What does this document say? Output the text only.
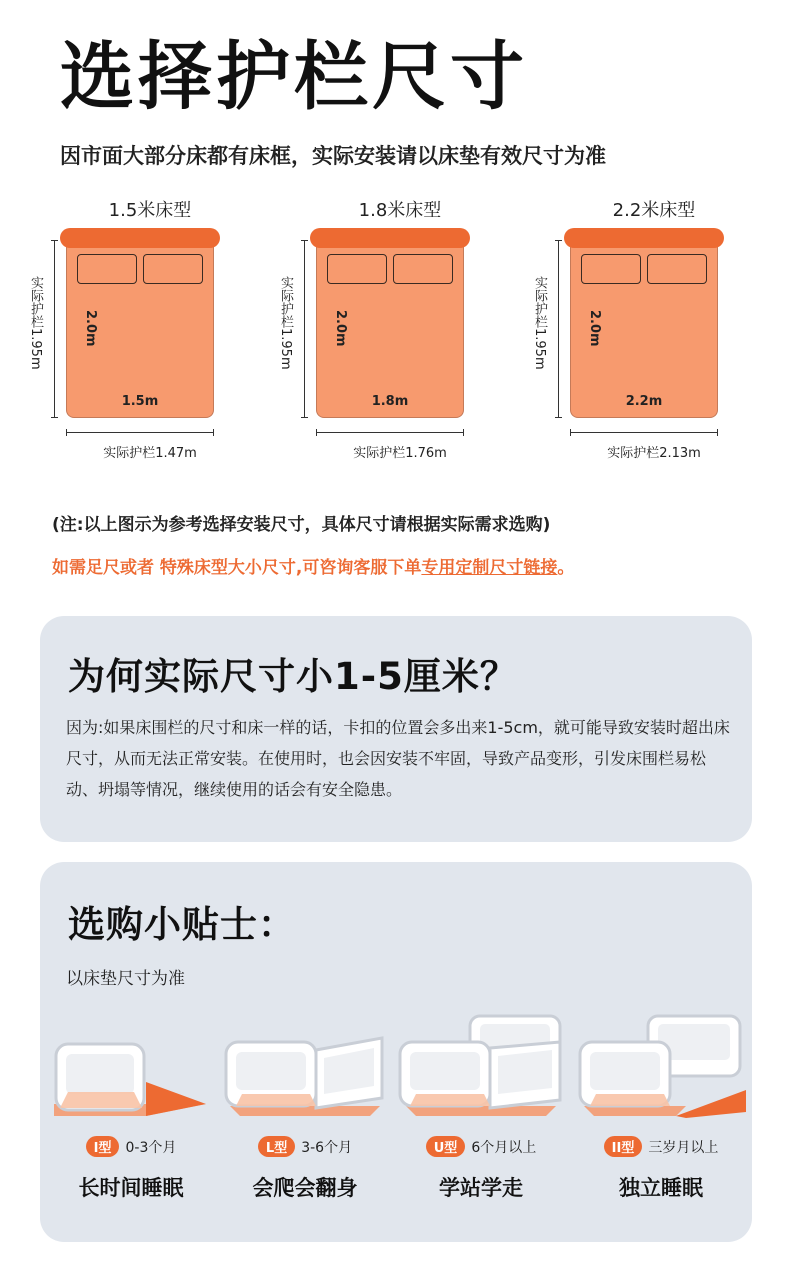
选择护栏尺寸
因市面大部分床都有床框，实际安装请以床垫有效尺寸为准
1.5米床型
2.0m
1.5m
实际护栏1.95m
实际护栏1.47m
1.8米床型
2.0m
1.8m
实际护栏1.95m
实际护栏1.76m
2.2米床型
2.0m
2.2m
实际护栏1.95m
实际护栏2.13m
(注:以上图示为参考选择安装尺寸，具体尺寸请根据实际需求选购)
如需足尺或者 特殊床型大小尺寸,可咨询客服下单专用定制尺寸链接。
为何实际尺寸小1-5厘米？
因为:如果床围栏的尺寸和床一样的话，卡扣的位置会多出来1-5cm，就可能导致安装时超出床尺寸，从而无法正常安装。在使用时，也会因安装不牢固，导致产品变形，引发床围栏易松动、坍塌等情况，继续使用的话会有安全隐患。
选购小贴士：
以床垫尺寸为准
I型 0-3个月
长时间睡眠
L型 3-6个月
会爬会翻身
U型 6个月以上
学站学走
II型 三岁月以上
独立睡眠
